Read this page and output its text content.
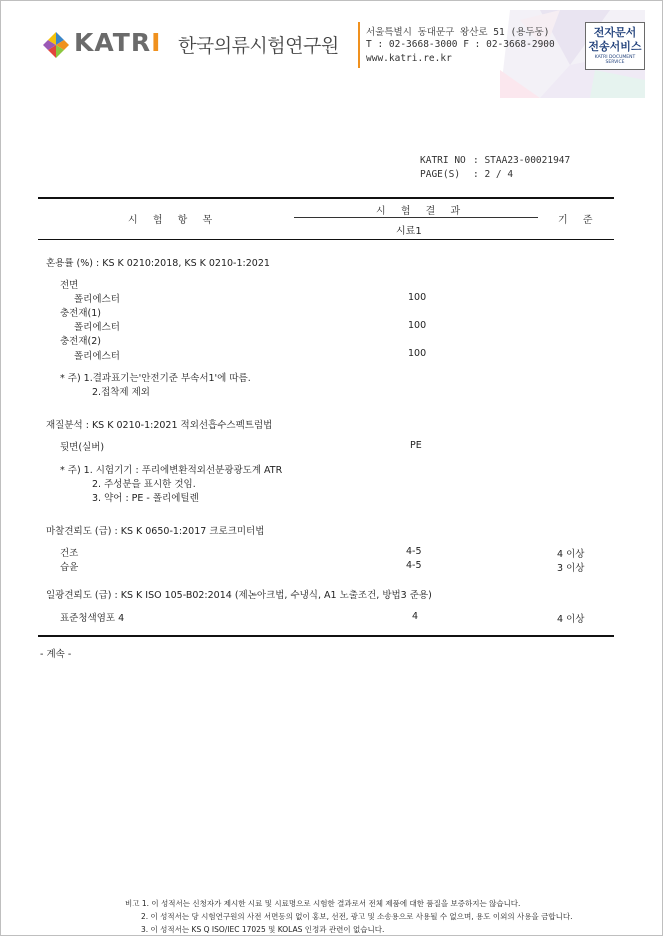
KATRI 한국의류시험연구원
서울특별시 동대문구 왕산로 51 (용두동)
T : 02-3668-3000 F : 02-3668-2900
www.katri.re.kr
전자문서
전송서비스
KATRI DOCUMENT SERVICE
KATRI NO : STAA23-00021947
PAGE(S) : 2 / 4
시 험 항 목
시 험 결 과
시료1
기 준
혼용률 (%) : KS K 0210:2018, KS K 0210-1:2021
전면
폴리에스터	100
충전재(1)
폴리에스터	100
충전재(2)
폴리에스터	100
* 주) 1.결과표기는'안전기준 부속서1'에 따름.
2.접착제 제외
재질분석 : KS K 0210-1:2021 적외선흡수스펙트럼법
뒷면(실버)	PE
* 주) 1. 시험기기 : 푸리에변환적외선분광광도계 ATR
2. 주성분을 표시한 것임.
3. 약어 : PE - 폴리에틸렌
마찰견뢰도 (급) : KS K 0650-1:2017 크로크미터법
건조	4-5	4 이상
습윤	4-5	3 이상
일광견뢰도 (급) : KS K ISO 105-B02:2014 (제논아크법, 수냉식, A1 노출조건, 방법3 준용)
표준청색염포 4	4	4 이상
- 계속 -
비고 1. 이 성적서는 신청자가 제시한 시료 및 시료명으로 시험한 결과로서 전체 제품에 대한 품질을 보증하지는 않습니다.
2. 이 성적서는 당 시험연구원의 사전 서면동의 없이 홍보, 선전, 광고 및 소송용으로 사용될 수 없으며, 용도 이외의 사용을 금합니다.
3. 이 성적서는 KS Q ISO/IEC 17025 및 KOLAS 인정과 관련이 없습니다.
